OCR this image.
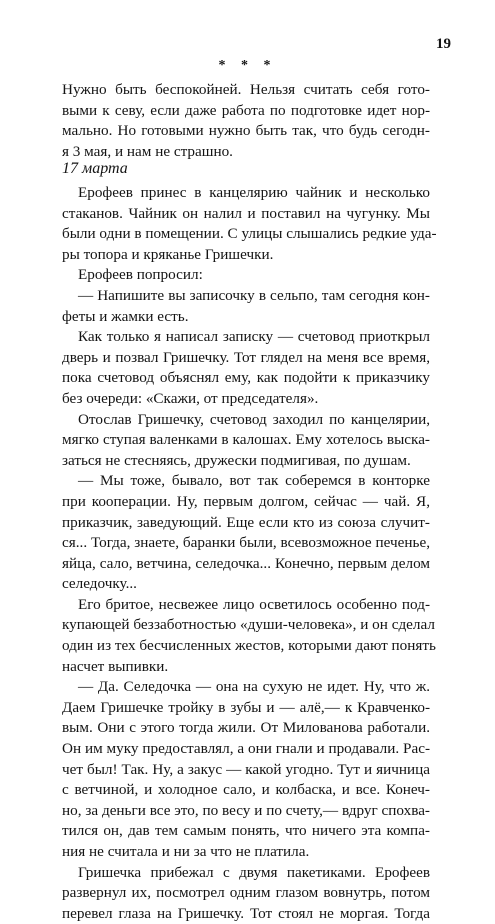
19
* * *
Нужно быть беспокойней. Нельзя считать себя гото-
выми к севу, если даже работа по подготовке идет нор-
мально. Но готовыми нужно быть так, что будь сегодн-
я 3 мая, и нам не страшно.
17 марта
Ерофеев принес в канцелярию чайник и несколько
стаканов. Чайник он налил и поставил на чугунку. Мы
были одни в помещении. С улицы слышались редкие уда-
ры топора и кряканье Гришечки.
Ерофеев попросил:
— Напишите вы записочку в сельпо, там сегодня кон-
феты и жамки есть.
Как только я написал записку — счетовод приоткрыл
дверь и позвал Гришечку. Тот глядел на меня все время,
пока счетовод объяснял ему, как подойти к приказчику
без очереди: «Скажи, от председателя».
Отослав Гришечку, счетовод заходил по канцелярии,
мягко ступая валенками в калошах. Ему хотелось выска-
заться не стесняясь, дружески подмигивая, по душам.
— Мы тоже, бывало, вот так соберемся в конторке
при кооперации. Ну, первым долгом, сейчас — чай. Я,
приказчик, заведующий. Еще если кто из союза случит-
ся... Тогда, знаете, баранки были, всевозможное печенье,
яйца, сало, ветчина, селедочка... Конечно, первым делом
селедочку...
Его бритое, несвежее лицо осветилось особенно под-
купающей беззаботностью «души-человека», и он сделал
один из тех бесчисленных жестов, которыми дают понять
насчет выпивки.
— Да. Селедочка — она на сухую не идет. Ну, что ж.
Даем Гришечке тройку в зубы и — алё,— к Кравченко-
вым. Они с этого тогда жили. От Милованова работали.
Он им муку предоставлял, а они гнали и продавали. Рас-
чет был! Так. Ну, а закус — какой угодно. Тут и яичница
с ветчиной, и холодное сало, и колбаска, и все. Конеч-
но, за деньги все это, по весу и по счету,— вдруг спохва-
тился он, дав тем самым понять, что ничего эта компа-
ния не считала и ни за что не платила.
Гришечка прибежал с двумя пакетиками. Ерофеев
развернул их, посмотрел одним глазом вовнутрь, потом
перевел глаза на Гришечку. Тот стоял не моргая. Тогда
